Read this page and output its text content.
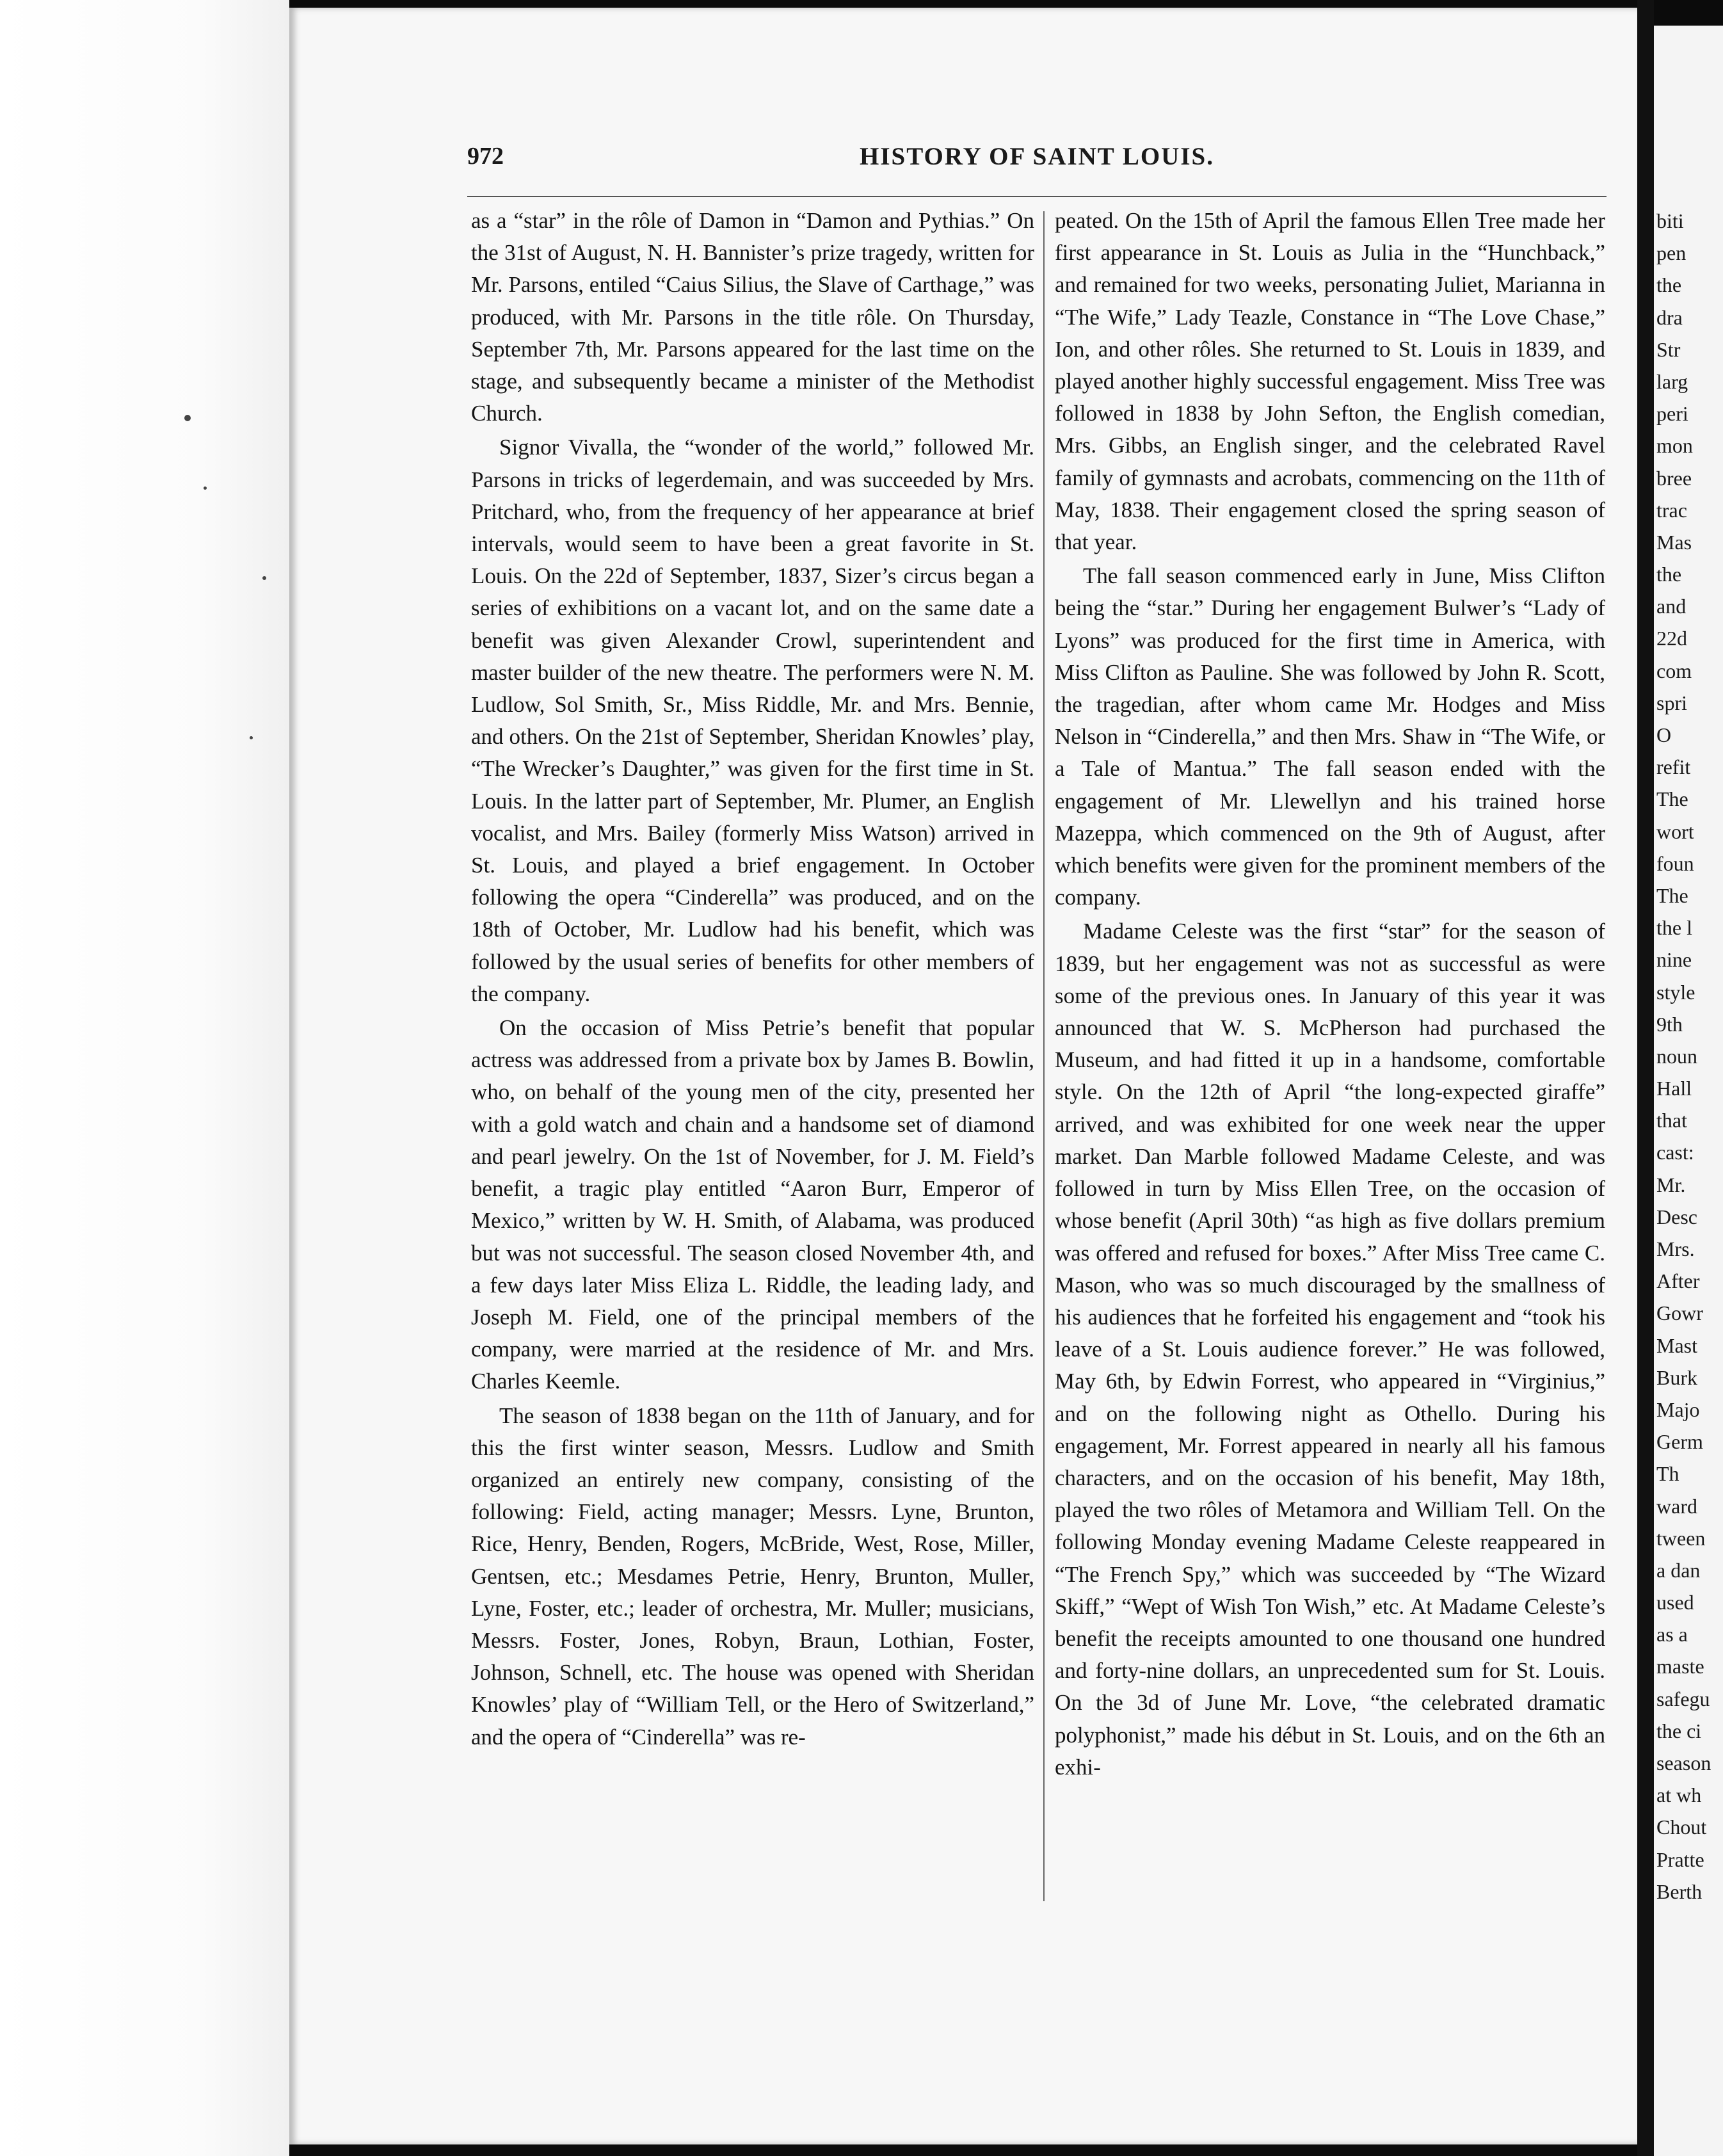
HISTORY OF SAINT LOUIS.
972

as a “star” in the rôle of Damon in “Damon and Pythias.” On the 31st of August, N. H. Bannister’s prize tragedy, written for Mr. Parsons, entiled “Caius Silius, the Slave of Carthage,” was produced, with Mr. Parsons in the title rôle. On Thursday, September 7th, Mr. Parsons appeared for the last time on the stage, and subsequently became a minister of the Methodist Church.

Signor Vivalla, the “wonder of the world,” followed Mr. Parsons in tricks of legerdemain, and was succeeded by Mrs. Pritchard, who, from the frequency of her appearance at brief intervals, would seem to have been a great favorite in St. Louis. On the 22d of September, 1837, Sizer’s circus began a series of exhibitions on a vacant lot, and on the same date a benefit was given Alexander Crowl, superintendent and master builder of the new theatre. The performers were N. M. Ludlow, Sol Smith, Sr., Miss Riddle, Mr. and Mrs. Bennie, and others. On the 21st of September, Sheridan Knowles’ play, “The Wrecker’s Daughter,” was given for the first time in St. Louis. In the latter part of September, Mr. Plumer, an English vocalist, and Mrs. Bailey (formerly Miss Watson) arrived in St. Louis, and played a brief engagement. In October following the opera “Cinderella” was produced, and on the 18th of October, Mr. Ludlow had his benefit, which was followed by the usual series of benefits for other members of the company.

On the occasion of Miss Petrie’s benefit that popular actress was addressed from a private box by James B. Bowlin, who, on behalf of the young men of the city, presented her with a gold watch and chain and a handsome set of diamond and pearl jewelry. On the 1st of November, for J. M. Field’s benefit, a tragic play entitled “Aaron Burr, Emperor of Mexico,” written by W. H. Smith, of Alabama, was produced but was not successful. The season closed November 4th, and a few days later Miss Eliza L. Riddle, the leading lady, and Joseph M. Field, one of the principal members of the company, were married at the residence of Mr. and Mrs. Charles Keemle.

The season of 1838 began on the 11th of January, and for this the first winter season, Messrs. Ludlow and Smith organized an entirely new company, consisting of the following: Field, acting manager; Messrs. Lyne, Brunton, Rice, Henry, Benden, Rogers, McBride, West, Rose, Miller, Gentsen, etc.; Mesdames Petrie, Henry, Brunton, Muller, Lyne, Foster, etc.; leader of orchestra, Mr. Muller; musicians, Messrs. Foster, Jones, Robyn, Braun, Lothian, Foster, Johnson, Schnell, etc. The house was opened with Sheridan Knowles’ play of “William Tell, or the Hero of Switzerland,” and the opera of “Cinderella” was re-

peated. On the 15th of April the famous Ellen Tree made her first appearance in St. Louis as Julia in the “Hunchback,” and remained for two weeks, personating Juliet, Marianna in “The Wife,” Lady Teazle, Constance in “The Love Chase,” Ion, and other rôles. She returned to St. Louis in 1839, and played another highly successful engagement. Miss Tree was followed in 1838 by John Sefton, the English comedian, Mrs. Gibbs, an English singer, and the celebrated Ravel family of gymnasts and acrobats, commencing on the 11th of May, 1838. Their engagement closed the spring season of that year.

The fall season commenced early in June, Miss Clifton being the “star.” During her engagement Bulwer’s “Lady of Lyons” was produced for the first time in America, with Miss Clifton as Pauline. She was followed by John R. Scott, the tragedian, after whom came Mr. Hodges and Miss Nelson in “Cinderella,” and then Mrs. Shaw in “The Wife, or a Tale of Mantua.” The fall season ended with the engagement of Mr. Llewellyn and his trained horse Mazeppa, which commenced on the 9th of August, after which benefits were given for the prominent members of the company.

Madame Celeste was the first “star” for the season of 1839, but her engagement was not as successful as were some of the previous ones. In January of this year it was announced that W. S. McPherson had purchased the Museum, and had fitted it up in a handsome, comfortable style. On the 12th of April “the long-expected giraffe” arrived, and was exhibited for one week near the upper market. Dan Marble followed Madame Celeste, and was followed in turn by Miss Ellen Tree, on the occasion of whose benefit (April 30th) “as high as five dollars premium was offered and refused for boxes.” After Miss Tree came C. Mason, who was so much discouraged by the smallness of his audiences that he forfeited his engagement and “took his leave of a St. Louis audience forever.” He was followed, May 6th, by Edwin Forrest, who appeared in “Virginius,” and on the following night as Othello. During his engagement, Mr. Forrest appeared in nearly all his famous characters, and on the occasion of his benefit, May 18th, played the two rôles of Metamora and William Tell. On the following Monday evening Madame Celeste reappeared in “The French Spy,” which was succeeded by “The Wizard Skiff,” “Wept of Wish Ton Wish,” etc. At Madame Celeste’s benefit the receipts amounted to one thousand one hundred and forty-nine dollars, an unprecedented sum for St. Louis. On the 3d of June Mr. Love, “the celebrated dramatic polyphonist,” made his début in St. Louis, and on the 6th an exhi-

biti
pen
the
dra
Str
larg
peri
mon
bree
trac
Mas
the
and
22d
com
spri
O
refit
The
wort
foun
The
the l
nine
style
9th
noun
Hall
that
cast:
Mr.
Desc
Mrs.
After
Gowr
Mast
Burk
Majo
Germ
Th
ward
tween
a dan
used
as a
maste
safegu
the ci
season
at wh
Chout
Pratte
Berth
